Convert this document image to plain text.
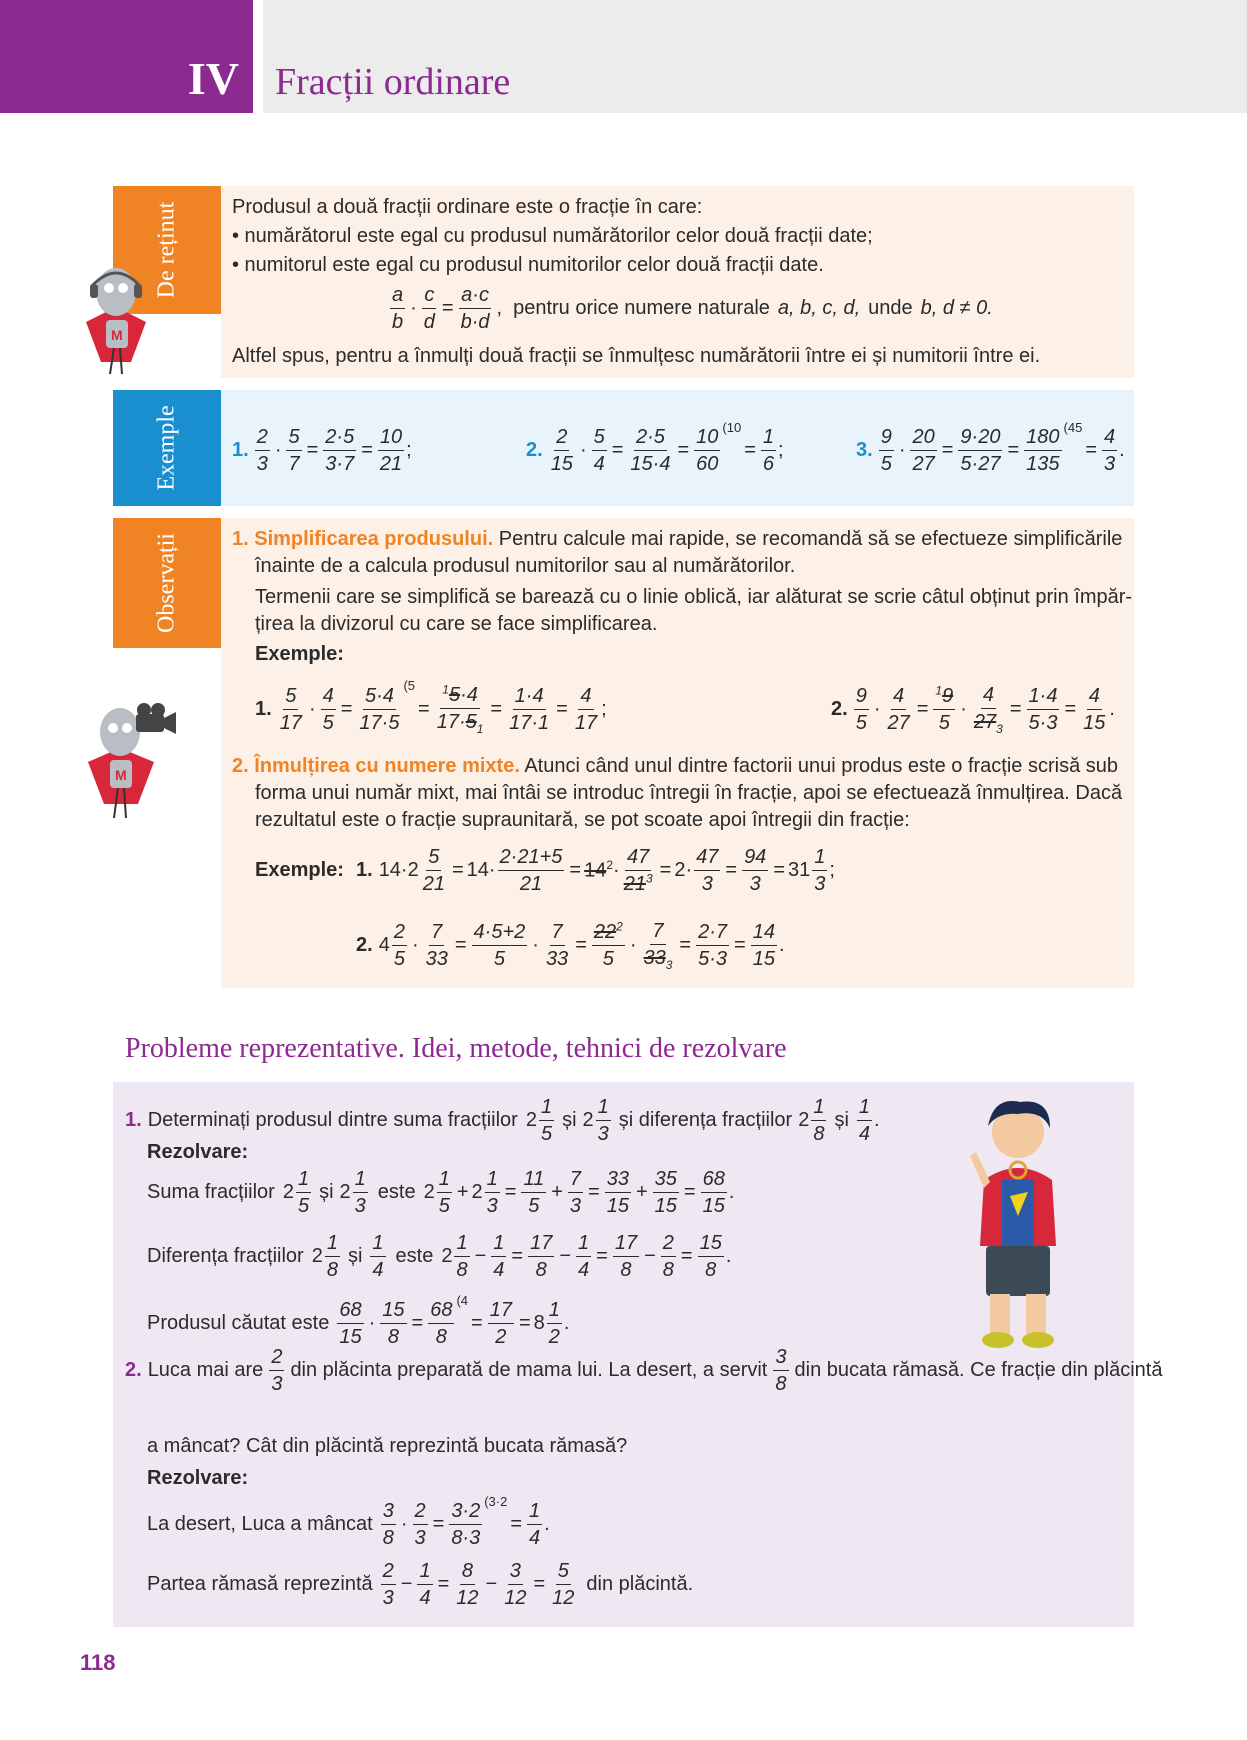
IV Fracții ordinare
De reținut	Produsul a două fracții ordinare este o fracție în care:
• numărătorul este egal cu produsul numărătorilor celor două fracții date;
• numitorul este egal cu produsul numitorilor celor două fracții date.
$\frac{a}{b} \cdot \frac{c}{d} = \frac{a\cdot c}{b\cdot d}$ , pentru orice numere naturale a, b, c, d, unde b, d ≠ 0.
Altfel spus, pentru a înmulți două fracții se înmulțesc numărătorii între ei și numitorii între ei.
M
Exemple	1. $\frac{2}{3} \cdot \frac{5}{7} = \frac{2\cdot 5}{3\cdot 7} = \frac{10}{21}$ ;	2. $\frac{2}{15} \cdot \frac{5}{4} = \frac{2\cdot 5}{15\cdot 4} = \frac{10}{60} (10$
= $\frac{1}{6}$ ;	3. $\frac{9}{5} \cdot \frac{20}{27} = \frac{9\cdot 20}{5\cdot 27} = \frac{180}{135} (45$
= $\frac{4}{3}$ .
Observații	1. Simplificarea produsului. Pentru calcule mai rapide, se recomandă să se efectueze simplificările
înainte de a calcula produsul numitorilor sau al numărătorilor.
Termenii care se simplifică se barează cu o linie oblică, iar alăturat se scrie câtul obținut prin împăr-
țirea la divizorul cu care se face simplificarea.
Exemple:
1. $\frac{5}{17} \cdot \frac{4}{5} = \frac{5\cdot 4}{17\cdot 5} (5$
= $\frac{^15\cdot 4}{17\cdot 5_1} = \frac{1\cdot 4}{17\cdot 1} = \frac{4}{17}$ ;	2. $\frac{9}{5} \cdot \frac{4}{27} = \frac{^19}{5} \cdot \frac{4}{27_3} = \frac{1\cdot 4}{5\cdot 3} = \frac{4}{15}$ .
2. Înmulțirea cu numere mixte. Atunci când unul dintre factorii unui produs este o fracție scrisă sub
forma unui număr mixt, mai întâi se introduc întregii în fracție, apoi se efectuează înmulțirea. Dacă
rezultatul este o fracție supraunitară, se pot scoate apoi întregii din fracție:
Exemple: 1. $14\cdot 2 \frac{5}{21} = 14\cdot \frac{2\cdot 21+5}{21} = 14^2\cdot \frac{47}{21^3} = 2\cdot \frac{47}{3} = \frac{94}{3} = 31 \frac{1}{3}$ ;
2. $4 \frac{2}{5} \cdot \frac{7}{33} = \frac{4\cdot 5+2}{5} \cdot \frac{7}{33} = \frac{22^2}{5} \cdot \frac{7}{33_3} = \frac{2\cdot 7}{5\cdot 3} = \frac{14}{15}$ .
M
Probleme reprezentative. Idei, metode, tehnici de rezolvare
1. Determinați produsul dintre suma fracțiilor $2 \frac{1}{5}$ și $2 \frac{1}{3}$ și diferența fracțiilor $2 \frac{1}{8}$ și $\frac{1}{4}$ .
Rezolvare:
Suma fracțiilor $2 \frac{1}{5}$ și $2 \frac{1}{3}$ este $2 \frac{1}{5} + 2 \frac{1}{3} = \frac{11}{5} + \frac{7}{3} = \frac{33}{15} + \frac{35}{15} = \frac{68}{15}$ .
Diferența fracțiilor $2 \frac{1}{8}$ și $\frac{1}{4}$ este $2 \frac{1}{8} - \frac{1}{4} = \frac{17}{8} - \frac{1}{4} = \frac{17}{8} - \frac{2}{8} = \frac{15}{8}$ .
Produsul căutat este $\frac{68}{15} \cdot \frac{15}{8} = \frac{68}{8} (4$
= $\frac{17}{2} = 8 \frac{1}{2}$ .
2. Luca mai are $\frac{2}{3}$ din plăcinta preparată de mama lui. La desert, a servit $\frac{3}{8}$ din bucata rămasă. Ce fracție din plăcintă
a mâncat? Cât din plăcintă reprezintă bucata rămasă?
Rezolvare:
La desert, Luca a mâncat $\frac{3}{8} \cdot \frac{2}{3} = \frac{3\cdot 2}{8\cdot 3} (3\cdot 2$
= $\frac{1}{4}$ .
Partea rămasă reprezintă $\frac{2}{3} - \frac{1}{4} = \frac{8}{12} - \frac{3}{12} = \frac{5}{12}$ din plăcintă.
118
